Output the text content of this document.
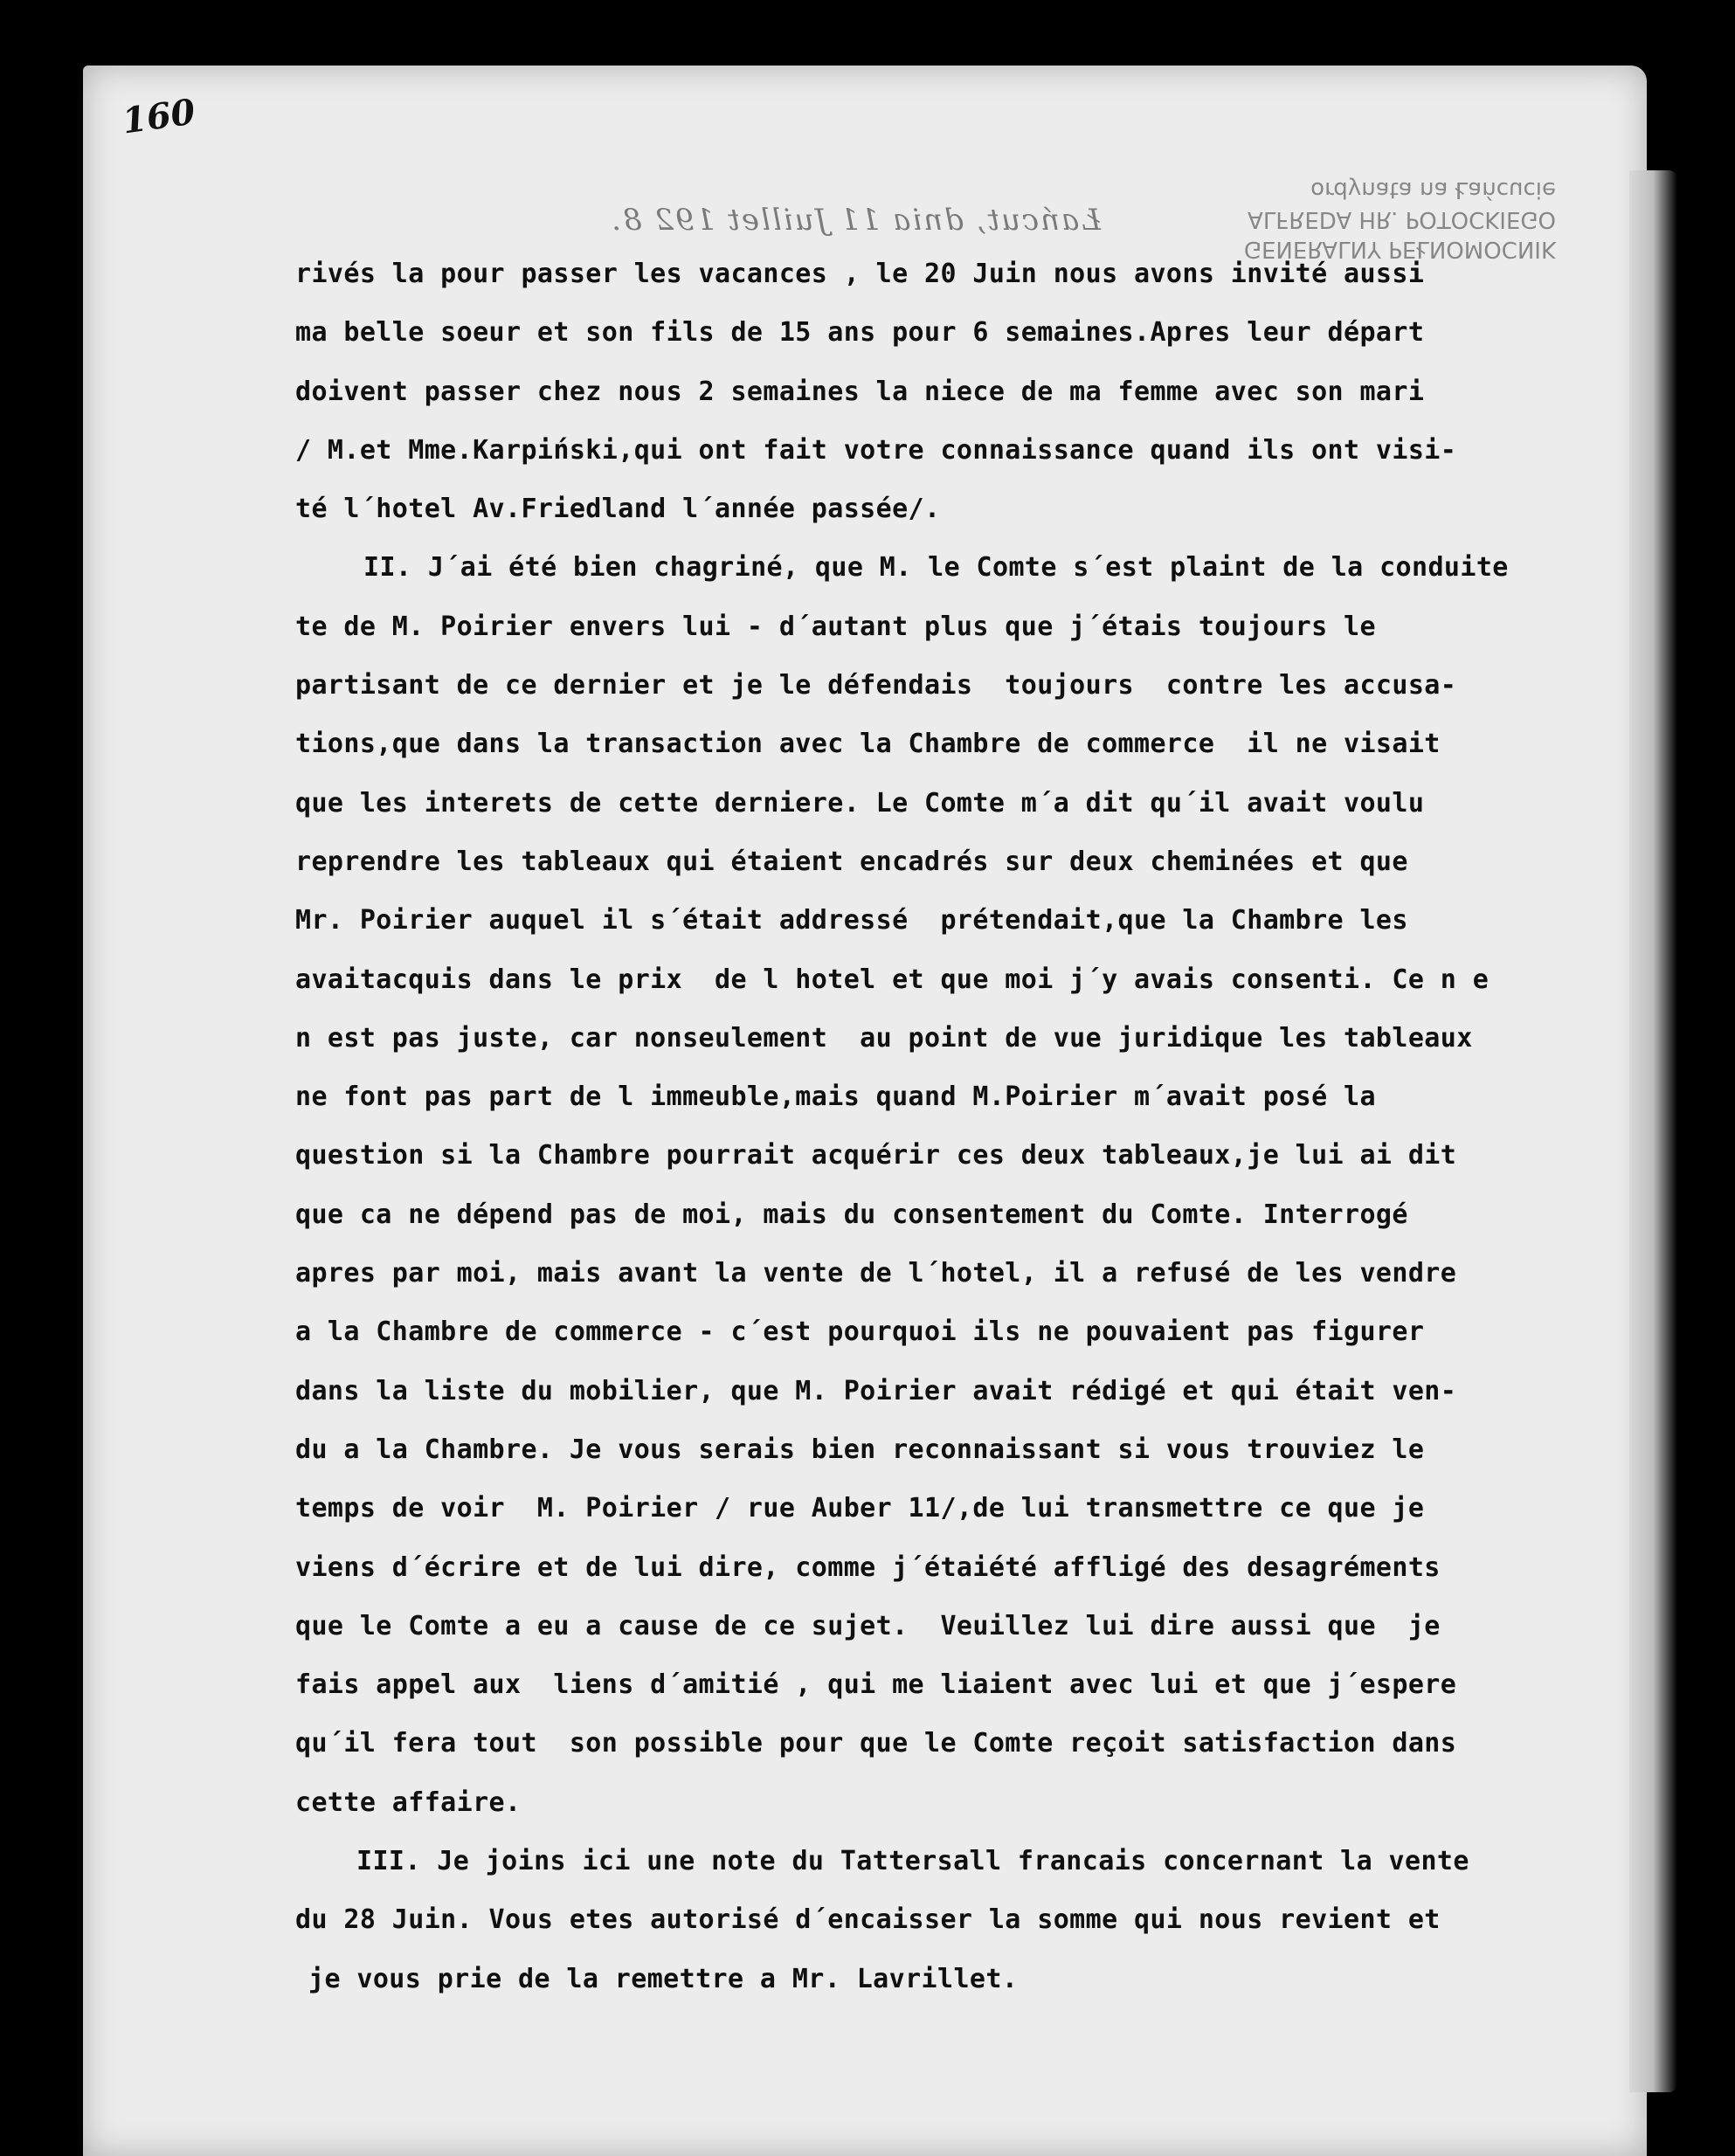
160
GENERALNY PEŁNOMOCNIK
ALFREDA HR. POTOCKIEGO
ordynata na Łańcucie
Łańcut, dnia 11 Juillet 192 8.
rivés la pour passer les vacances , le 20 Juin nous avons invité aussi
ma belle soeur et son fils de 15 ans pour 6 semaines.Apres leur départ
doivent passer chez nous 2 semaines la niece de ma femme avec son mari
/ M.et Mme.Karpiński,qui ont fait votre connaissance quand ils ont visi-
té l´hotel Av.Friedland l´année passée/.
II. J´ai été bien chagriné, que M. le Comte s´est plaint de la conduite
te de M. Poirier envers lui - d´autant plus que j´étais toujours le
partisant de ce dernier et je le défendais  toujours  contre les accusa-
tions,que dans la transaction avec la Chambre de commerce  il ne visait
que les interets de cette derniere. Le Comte m´a dit qu´il avait voulu
reprendre les tableaux qui étaient encadrés sur deux cheminées et que
Mr. Poirier auquel il s´était addressé  prétendait,que la Chambre les
avaitacquis dans le prix  de l hotel et que moi j´y avais consenti. Ce n e
n est pas juste, car nonseulement  au point de vue juridique les tableaux
ne font pas part de l immeuble,mais quand M.Poirier m´avait posé la
question si la Chambre pourrait acquérir ces deux tableaux,je lui ai dit
que ca ne dépend pas de moi, mais du consentement du Comte. Interrogé
apres par moi, mais avant la vente de l´hotel, il a refusé de les vendre
a la Chambre de commerce - c´est pourquoi ils ne pouvaient pas figurer
dans la liste du mobilier, que M. Poirier avait rédigé et qui était ven-
du a la Chambre. Je vous serais bien reconnaissant si vous trouviez le
temps de voir  M. Poirier / rue Auber 11/,de lui transmettre ce que je
viens d´écrire et de lui dire, comme j´étaiété affligé des desagréments
que le Comte a eu a cause de ce sujet.  Veuillez lui dire aussi que  je
fais appel aux  liens d´amitié , qui me liaient avec lui et que j´espere
qu´il fera tout  son possible pour que le Comte reçoit satisfaction dans
cette affaire.
III. Je joins ici une note du Tattersall francais concernant la vente
du 28 Juin. Vous etes autorisé d´encaisser la somme qui nous revient et
je vous prie de la remettre a Mr. Lavrillet.
